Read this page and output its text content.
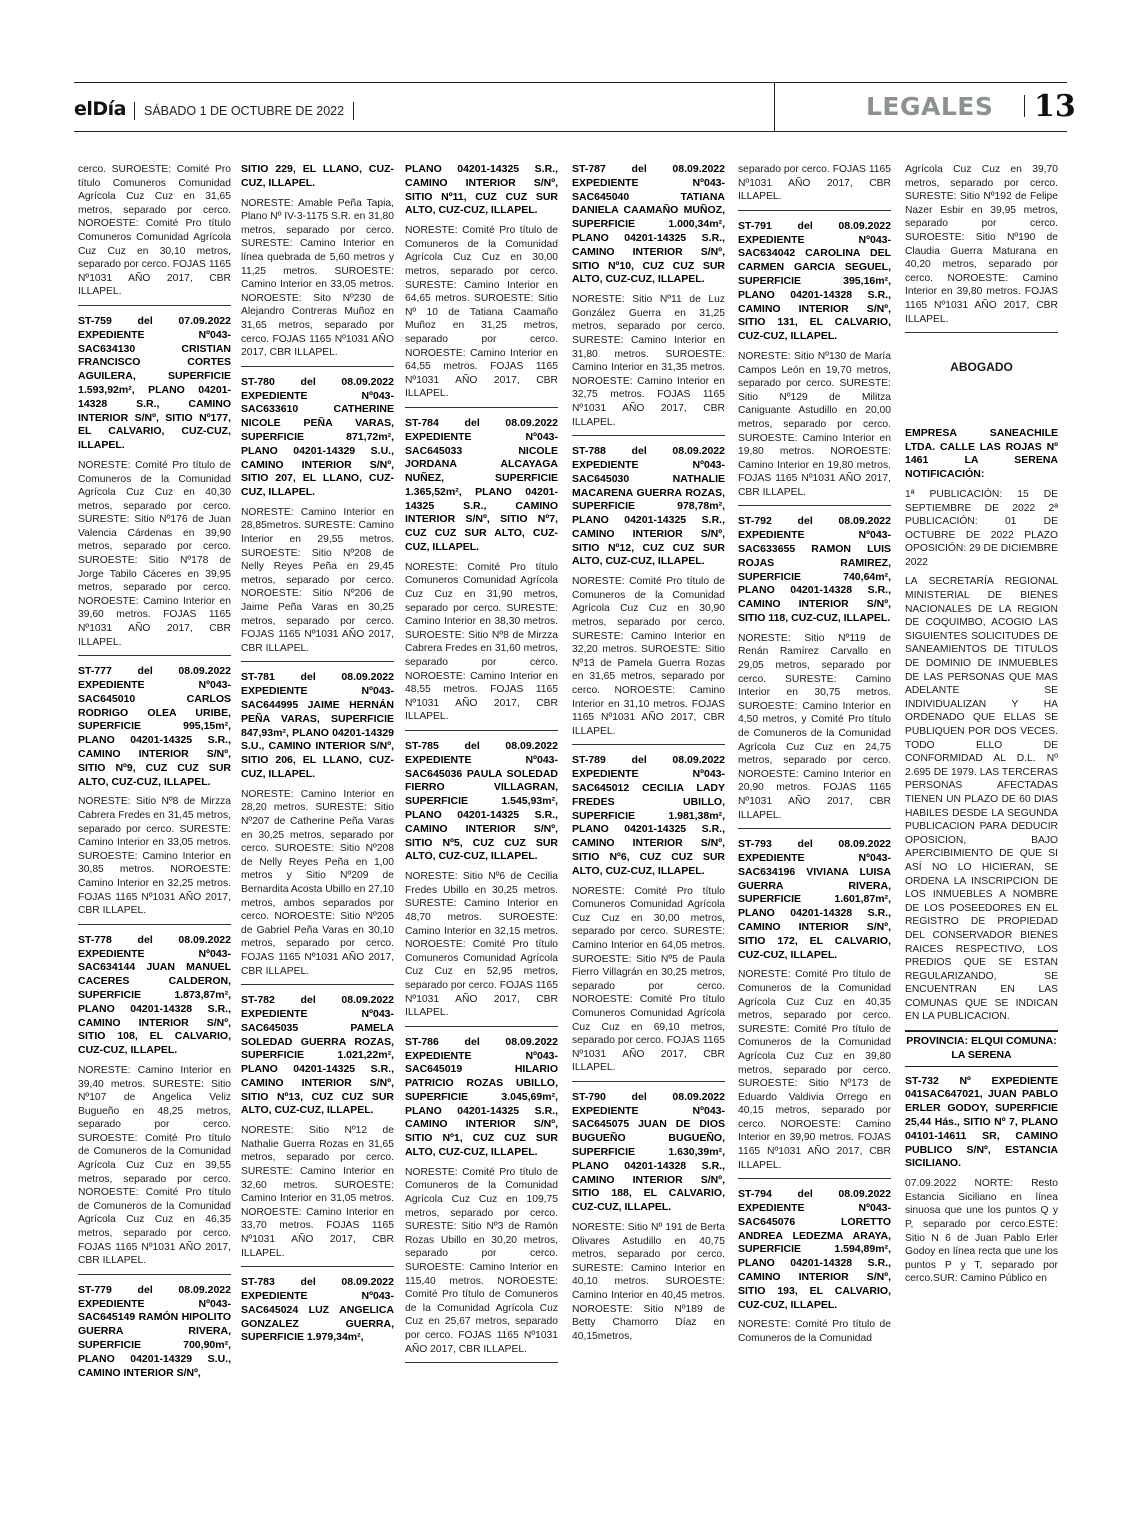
elDía SÁBADO 1 DE OCTUBRE DE 2022	LEGALES 13

cerco. SUROESTE: Comité Pro título Comuneros Comunidad Agrícola Cuz Cuz en 31,65 metros, separado por cerco. NOROESTE: Comité Pro título Comuneros Comunidad Agrícola Cuz Cuz en 30,10 metros, separado por cerco. FOJAS 1165 Nº1031 AÑO 2017, CBR ILLAPEL.

ST-759 del 07.09.2022 EXPEDIENTE Nº043-SAC634130 CRISTIAN FRANCISCO CORTES AGUILERA, SUPERFICIE 1.593,92m², PLANO 04201-14328 S.R., CAMINO INTERIOR S/Nº, SITIO Nº177, EL CALVARIO, CUZ-CUZ, ILLAPEL.

NORESTE: Comité Pro título de Comuneros de la Comunidad Agrícola Cuz Cuz en 40,30 metros, separado por cerco. SURESTE: Sitio Nº176 de Juan Valencia Cárdenas en 39,90 metros, separado por cerco. SUROESTE: Sitio Nº178 de Jorge Tabilo Cáceres en 39,95 metros, separado por cerco. NOROESTE: Camino Interior en 39,60 metros. FOJAS 1165 Nº1031 AÑO 2017, CBR ILLAPEL.

ST-777 del 08.09.2022 EXPEDIENTE Nº043-SAC645010 CARLOS RODRIGO OLEA URIBE, SUPERFICIE 995,15m², PLANO 04201-14325 S.R., CAMINO INTERIOR S/Nº, SITIO Nº9, CUZ CUZ SUR ALTO, CUZ-CUZ, ILLAPEL.

NORESTE: Sitio Nº8 de Mirzza Cabrera Fredes en 31,45 metros, separado por cerco. SURESTE: Camino Interior en 33,05 metros. SUROESTE: Camino Interior en 30,85 metros. NOROESTE: Camino Interior en 32,25 metros. FOJAS 1165 Nº1031 AÑO 2017, CBR ILLAPEL.

ST-778 del 08.09.2022 EXPEDIENTE Nº043-SAC634144 JUAN MANUEL CACERES CALDERON, SUPERFICIE 1.873,87m², PLANO 04201-14328 S.R., CAMINO INTERIOR S/Nº, SITIO 108, EL CALVARIO, CUZ-CUZ, ILLAPEL.

NORESTE: Camino Interior en 39,40 metros. SURESTE: Sitio Nº107 de Angelica Veliz Bugueño en 48,25 metros, separado por cerco. SUROESTE: Comité Pro título de Comuneros de la Comunidad Agrícola Cuz Cuz en 39,55 metros, separado por cerco. NOROESTE: Comité Pro título de Comuneros de la Comunidad Agrícola Cuz Cuz en 46,35 metros, separado por cerco. FOJAS 1165 Nº1031 AÑO 2017, CBR ILLAPEL.

ST-779 del 08.09.2022 EXPEDIENTE Nº043-SAC645149 RAMÓN HIPOLITO GUERRA RIVERA, SUPERFICIE 700,90m², PLANO 04201-14329 S.U., CAMINO INTERIOR S/Nº,

SITIO 229, EL LLANO, CUZ-CUZ, ILLAPEL.

NORESTE: Amable Peña Tapia, Plano Nº IV-3-1175 S.R. en 31,80 metros, separado por cerco. SURESTE: Camino Interior en línea quebrada de 5,60 metros y 11,25 metros. SUROESTE: Camino Interior en 33,05 metros. NOROESTE: Sito Nº230 de Alejandro Contreras Muñoz en 31,65 metros, separado por cerco. FOJAS 1165 Nº1031 AÑO 2017, CBR ILLAPEL.

ST-780 del 08.09.2022 EXPEDIENTE Nº043-SAC633610 CATHERINE NICOLE PEÑA VARAS, SUPERFICIE 871,72m², PLANO 04201-14329 S.U., CAMINO INTERIOR S/Nº, SITIO 207, EL LLANO, CUZ-CUZ, ILLAPEL.

NORESTE: Camino Interior en 28,85metros. SURESTE: Camino Interior en 29,55 metros. SUROESTE: Sitio Nº208 de Nelly Reyes Peña en 29,45 metros, separado por cerco. NOROESTE: Sitio Nº206 de Jaime Peña Varas en 30,25 metros, separado por cerco. FOJAS 1165 Nº1031 AÑO 2017, CBR ILLAPEL.

ST-781 del 08.09.2022 EXPEDIENTE Nº043-SAC644995 JAIME HERNÁN PEÑA VARAS, SUPERFICIE 847,93m², PLANO 04201-14329 S.U., CAMINO INTERIOR S/Nº, SITIO 206, EL LLANO, CUZ-CUZ, ILLAPEL.

NORESTE: Camino Interior en 28,20 metros. SURESTE: Sitio Nº207 de Catherine Peña Varas en 30,25 metros, separado por cerco. SUROESTE: Sitio Nº208 de Nelly Reyes Peña en 1,00 metros y Sitio Nº209 de Bernardita Acosta Ubillo en 27,10 metros, ambos separados por cerco. NOROESTE: Sitio Nº205 de Gabriel Peña Varas en 30,10 metros, separado por cerco. FOJAS 1165 Nº1031 AÑO 2017, CBR ILLAPEL.

ST-782 del 08.09.2022 EXPEDIENTE Nº043-SAC645035 PAMELA SOLEDAD GUERRA ROZAS, SUPERFICIE 1.021,22m², PLANO 04201-14325 S.R., CAMINO INTERIOR S/Nº, SITIO Nº13, CUZ CUZ SUR ALTO, CUZ-CUZ, ILLAPEL.

NORESTE: Sitio Nº12 de Nathalie Guerra Rozas en 31,65 metros, separado por cerco. SURESTE: Camino Interior en 32,60 metros. SUROESTE: Camino Interior en 31,05 metros. NOROESTE: Camino Interior en 33,70 metros. FOJAS 1165 Nº1031 AÑO 2017, CBR ILLAPEL.

ST-783 del 08.09.2022 EXPEDIENTE Nº043-SAC645024 LUZ ANGELICA GONZALEZ GUERRA, SUPERFICIE 1.979,34m²,

PLANO 04201-14325 S.R., CAMINO INTERIOR S/Nº, SITIO Nº11, CUZ CUZ SUR ALTO, CUZ-CUZ, ILLAPEL.

NORESTE: Comité Pro título de Comuneros de la Comunidad Agrícola Cuz Cuz en 30,00 metros, separado por cerco. SURESTE: Camino Interior en 64,65 metros. SUROESTE: Sitio Nº 10 de Tatiana Caamaño Muñoz en 31,25 metros, separado por cerco. NOROESTE: Camino Interior en 64,55 metros. FOJAS 1165 Nº1031 AÑO 2017, CBR ILLAPEL.

ST-784 del 08.09.2022 EXPEDIENTE Nº043-SAC645033 NICOLE JORDANA ALCAYAGA NUÑEZ, SUPERFICIE 1.365,52m², PLANO 04201-14325 S.R., CAMINO INTERIOR S/Nº, SITIO Nº7, CUZ CUZ SUR ALTO, CUZ-CUZ, ILLAPEL.

NORESTE: Comité Pro título Comuneros Comunidad Agrícola Cuz Cuz en 31,90 metros, separado por cerco. SURESTE: Camino Interior en 38,30 metros. SUROESTE: Sitio Nº8 de Mirzza Cabrera Fredes en 31,60 metros, separado por cerco. NOROESTE: Camino Interior en 48,55 metros. FOJAS 1165 Nº1031 AÑO 2017, CBR ILLAPEL.

ST-785 del 08.09.2022 EXPEDIENTE Nº043-SAC645036 PAULA SOLEDAD FIERRO VILLAGRAN, SUPERFICIE 1.545,93m², PLANO 04201-14325 S.R., CAMINO INTERIOR S/Nº, SITIO Nº5, CUZ CUZ SUR ALTO, CUZ-CUZ, ILLAPEL.

NORESTE: Sitio Nº6 de Cecilia Fredes Ubillo en 30,25 metros. SURESTE: Camino Interior en 48,70 metros. SUROESTE: Camino Interior en 32,15 metros. NOROESTE: Comité Pro título Comuneros Comunidad Agrícola Cuz Cuz en 52,95 metros, separado por cerco. FOJAS 1165 Nº1031 AÑO 2017, CBR ILLAPEL.

ST-786 del 08.09.2022 EXPEDIENTE Nº043-SAC645019 HILARIO PATRICIO ROZAS UBILLO, SUPERFICIE 3.045,69m², PLANO 04201-14325 S.R., CAMINO INTERIOR S/Nº, SITIO Nº1, CUZ CUZ SUR ALTO, CUZ-CUZ, ILLAPEL.

NORESTE: Comité Pro título de Comuneros de la Comunidad Agrícola Cuz Cuz en 109,75 metros, separado por cerco. SURESTE: Sitio Nº3 de Ramón Rozas Ubillo en 30,20 metros, separado por cerco. SUROESTE: Camino Interior en 115,40 metros. NOROESTE: Comité Pro título de Comuneros de la Comunidad Agrícola Cuz Cuz en 25,67 metros, separado por cerco. FOJAS 1165 Nº1031 AÑO 2017, CBR ILLAPEL.

ST-787 del 08.09.2022 EXPEDIENTE Nº043-SAC645040 TATIANA DANIELA CAAMAÑO MUÑOZ, SUPERFICIE 1.000,34m², PLANO 04201-14325 S.R., CAMINO INTERIOR S/Nº, SITIO Nº10, CUZ CUZ SUR ALTO, CUZ-CUZ, ILLAPEL.

NORESTE: Sitio Nº11 de Luz González Guerra en 31,25 metros, separado por cerco. SURESTE: Camino Interior en 31,80 metros. SUROESTE: Camino Interior en 31,35 metros. NOROESTE: Camino Interior en 32,75 metros. FOJAS 1165 Nº1031 AÑO 2017, CBR ILLAPEL.

ST-788 del 08.09.2022 EXPEDIENTE Nº043-SAC645030 NATHALIE MACARENA GUERRA ROZAS, SUPERFICIE 978,78m², PLANO 04201-14325 S.R., CAMINO INTERIOR S/Nº, SITIO Nº12, CUZ CUZ SUR ALTO, CUZ-CUZ, ILLAPEL.

NORESTE: Comité Pro título de Comuneros de la Comunidad Agrícola Cuz Cuz en 30,90 metros, separado por cerco. SURESTE: Camino Interior en 32,20 metros. SUROESTE: Sitio Nº13 de Pamela Guerra Rozas en 31,65 metros, separado por cerco. NOROESTE: Camino Interior en 31,10 metros. FOJAS 1165 Nº1031 AÑO 2017, CBR ILLAPEL.

ST-789 del 08.09.2022 EXPEDIENTE Nº043-SAC645012 CECILIA LADY FREDES UBILLO, SUPERFICIE 1.981,38m², PLANO 04201-14325 S.R., CAMINO INTERIOR S/Nº, SITIO Nº6, CUZ CUZ SUR ALTO, CUZ-CUZ, ILLAPEL.

NORESTE: Comité Pro título Comuneros Comunidad Agrícola Cuz Cuz en 30,00 metros, separado por cerco. SURESTE: Camino Interior en 64,05 metros. SUROESTE: Sitio Nº5 de Paula Fierro Villagrán en 30,25 metros, separado por cerco. NOROESTE: Comité Pro título Comuneros Comunidad Agrícola Cuz Cuz en 69,10 metros, separado por cerco. FOJAS 1165 Nº1031 AÑO 2017, CBR ILLAPEL.

ST-790 del 08.09.2022 EXPEDIENTE Nº043-SAC645075 JUAN DE DIOS BUGUEÑO BUGUEÑO, SUPERFICIE 1.630,39m², PLANO 04201-14328 S.R., CAMINO INTERIOR S/Nº, SITIO 188, EL CALVARIO, CUZ-CUZ, ILLAPEL.

NORESTE: Sitio Nº 191 de Berta Olivares Astudillo en 40,75 metros, separado por cerco. SURESTE: Camino Interior en 40,10 metros. SUROESTE: Camino Interior en 40,45 metros. NOROESTE: Sitio Nº189 de Betty Chamorro Díaz en 40,15metros,

separado por cerco. FOJAS 1165 Nº1031 AÑO 2017, CBR ILLAPEL.

ST-791 del 08.09.2022 EXPEDIENTE Nº043-SAC634042 CAROLINA DEL CARMEN GARCIA SEGUEL, SUPERFICIE 395,16m², PLANO 04201-14328 S.R., CAMINO INTERIOR S/Nº, SITIO 131, EL CALVARIO, CUZ-CUZ, ILLAPEL.

NORESTE: Sitio Nº130 de María Campos León en 19,70 metros, separado por cerco. SURESTE: Sitio Nº129 de Militza Caniguante Astudillo en 20,00 metros, separado por cerco. SUROESTE: Camino Interior en 19,80 metros. NOROESTE: Camino Interior en 19,80 metros. FOJAS 1165 Nº1031 AÑO 2017, CBR ILLAPEL.

ST-792 del 08.09.2022 EXPEDIENTE Nº043-SAC633655 RAMON LUIS ROJAS RAMIREZ, SUPERFICIE 740,64m², PLANO 04201-14328 S.R., CAMINO INTERIOR S/Nº, SITIO 118, CUZ-CUZ, ILLAPEL.

NORESTE: Sitio Nº119 de Renán Ramírez Carvallo en 29,05 metros, separado por cerco. SURESTE: Camino Interior en 30,75 metros. SUROESTE: Camino Interior en 4,50 metros, y Comité Pro título de Comuneros de la Comunidad Agrícola Cuz Cuz en 24,75 metros, separado por cerco. NOROESTE: Camino Interior en 20,90 metros. FOJAS 1165 Nº1031 AÑO 2017, CBR ILLAPEL.

ST-793 del 08.09.2022 EXPEDIENTE Nº043-SAC634196 VIVIANA LUISA GUERRA RIVERA, SUPERFICIE 1.601,87m², PLANO 04201-14328 S.R., CAMINO INTERIOR S/Nº, SITIO 172, EL CALVARIO, CUZ-CUZ, ILLAPEL.

NORESTE: Comité Pro título de Comuneros de la Comunidad Agrícola Cuz Cuz en 40,35 metros, separado por cerco. SURESTE: Comité Pro título de Comuneros de la Comunidad Agrícola Cuz Cuz en 39,80 metros, separado por cerco. SUROESTE: Sitio Nº173 de Eduardo Valdivia Orrego en 40,15 metros, separado por cerco. NOROESTE: Camino Interior en 39,90 metros. FOJAS 1165 Nº1031 AÑO 2017, CBR ILLAPEL.

ST-794 del 08.09.2022 EXPEDIENTE Nº043-SAC645076 LORETTO ANDREA LEDEZMA ARAYA, SUPERFICIE 1.594,89m², PLANO 04201-14328 S.R., CAMINO INTERIOR S/Nº, SITIO 193, EL CALVARIO, CUZ-CUZ, ILLAPEL.

NORESTE: Comité Pro título de Comuneros de la Comunidad

Agrícola Cuz Cuz en 39,70 metros, separado por cerco. SURESTE: Sitio Nº192 de Felipe Nazer Esbir en 39,95 metros, separado por cerco. SUROESTE: Sitio Nº190 de Claudia Guerra Maturana en 40,20 metros, separado por cerco. NOROESTE: Camino Interior en 39,80 metros. FOJAS 1165 Nº1031 AÑO 2017, CBR ILLAPEL.

ABOGADO

EMPRESA SANEACHILE LTDA. CALLE LAS ROJAS Nº 1461 LA SERENA NOTIFICACIÓN:

1ª PUBLICACIÓN: 15 DE SEPTIEMBRE DE 2022 2ª PUBLICACIÓN: 01 DE OCTUBRE DE 2022 PLAZO OPOSICIÓN: 29 DE DICIEMBRE 2022

LA SECRETARÍA REGIONAL MINISTERIAL DE BIENES NACIONALES DE LA REGION DE COQUIMBO, ACOGIO LAS SIGUIENTES SOLICITUDES DE SANEAMIENTOS DE TITULOS DE DOMINIO DE INMUEBLES DE LAS PERSONAS QUE MAS ADELANTE SE INDIVIDUALIZAN Y HA ORDENADO QUE ELLAS SE PUBLIQUEN POR DOS VECES. TODO ELLO DE CONFORMIDAD AL D.L. Nº 2.695 DE 1979. LAS TERCERAS PERSONAS AFECTADAS TIENEN UN PLAZO DE 60 DIAS HABILES DESDE LA SEGUNDA PUBLICACION PARA DEDUCIR OPOSICION, BAJO APERCIBIMIENTO DE QUE SI ASÍ NO LO HICIERAN, SE ORDENA LA INSCRIPCION DE LOS INMUEBLES A NOMBRE DE LOS POSEEDORES EN EL REGISTRO DE PROPIEDAD DEL CONSERVADOR BIENES RAICES RESPECTIVO, LOS PREDIOS QUE SE ESTAN REGULARIZANDO, SE ENCUENTRAN EN LAS COMUNAS QUE SE INDICAN EN LA PUBLICACION.

PROVINCIA: ELQUI COMUNA: LA SERENA

ST-732 Nº EXPEDIENTE 041SAC647021, JUAN PABLO ERLER GODOY, SUPERFICIE 25,44 Hás., SITIO Nº 7, PLANO 04101-14611 SR, CAMINO PUBLICO S/Nº, ESTANCIA SICILIANO.

07.09.2022 NORTE: Resto Estancia Siciliano en línea sinuosa que une los puntos Q y P, separado por cerco.ESTE: Sitio N 6 de Juan Pablo Erler Godoy en línea recta que une los puntos P y T, separado por cerco.SUR: Camino Público en
